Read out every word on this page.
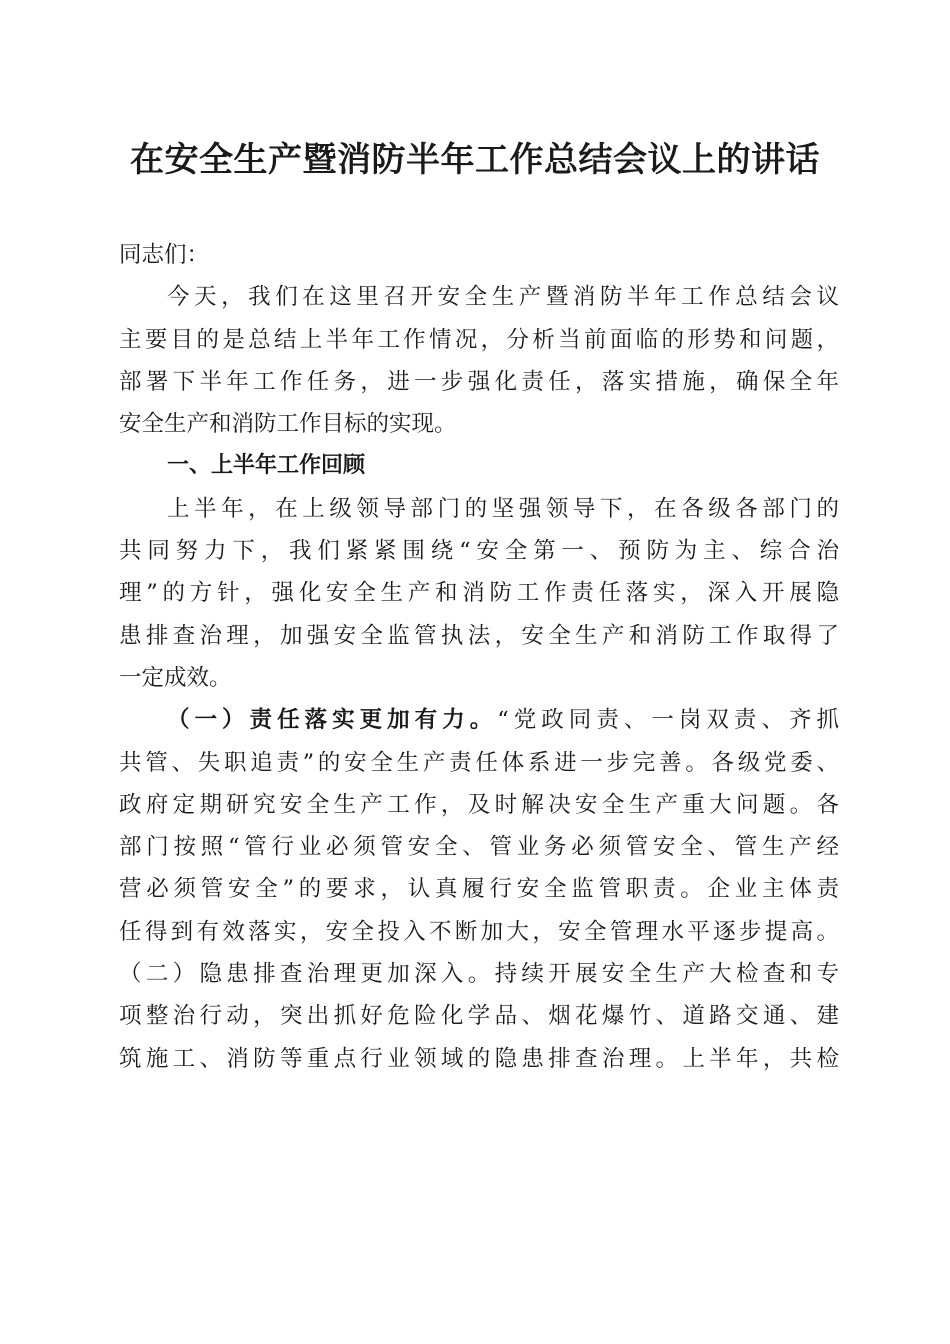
在安全生产暨消防半年工作总结会议上的讲话
同志们：
今天，我们在这里召开安全生产暨消防半年工作总结会议
主要目的是总结上半年工作情况，分析当前面临的形势和问题，
部署下半年工作任务，进一步强化责任，落实措施，确保全年
安全生产和消防工作目标的实现。
一、上半年工作回顾
上半年，在上级领导部门的坚强领导下，在各级各部门的
共同努力下，我们紧紧围绕“安全第一、预防为主、综合治
理”的方针，强化安全生产和消防工作责任落实，深入开展隐
患排查治理，加强安全监管执法，安全生产和消防工作取得了
一定成效。
（一）责任落实更加有力。“党政同责、一岗双责、齐抓
共管、失职追责”的安全生产责任体系进一步完善。各级党委、
政府定期研究安全生产工作，及时解决安全生产重大问题。各
部门按照“管行业必须管安全、管业务必须管安全、管生产经
营必须管安全”的要求，认真履行安全监管职责。企业主体责
任得到有效落实，安全投入不断加大，安全管理水平逐步提高。
（二）隐患排查治理更加深入。持续开展安全生产大检查和专
项整治行动，突出抓好危险化学品、烟花爆竹、道路交通、建
筑施工、消防等重点行业领域的隐患排查治理。上半年，共检
